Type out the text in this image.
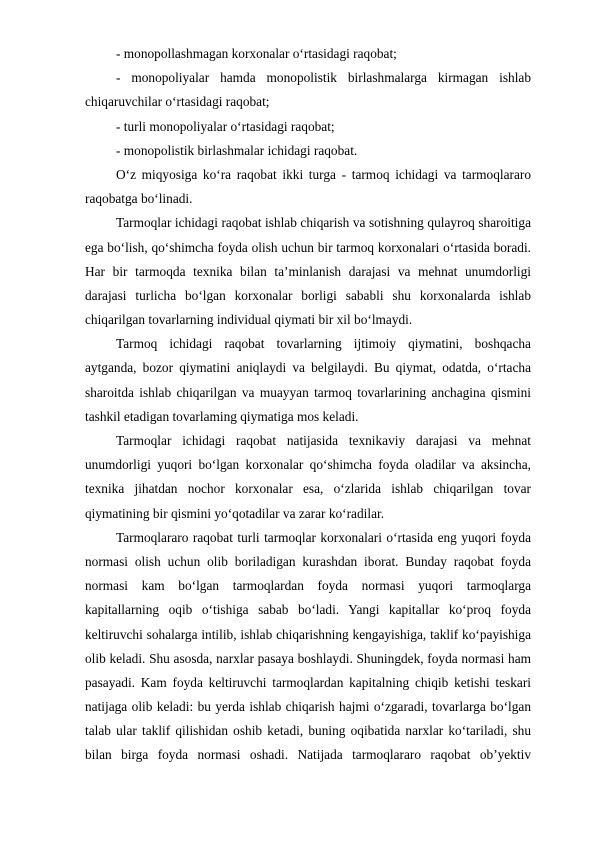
- monopollashmagan korxonalar o‘rtasidagi raqobat;
- monopoliyalar hamda monopolistik birlashmalarga kirmagan ishlab
chiqaruvchilar o‘rtasidagi raqobat;
- turli monopoliyalar o‘rtasidagi raqobat;
- monopolistik birlashmalar ichidagi raqobat.
O‘z miqyosiga ko‘ra raqobat ikki turga - tarmoq ichidagi va tarmoqlararo
raqobatga bo‘linadi.
Tarmoqlar ichidagi raqobat ishlab chiqarish va sotishning qulayroq sharoitiga
ega bo‘lish, qo‘shimcha foyda olish uchun bir tarmoq korxonalari o‘rtasida boradi.
Har bir tarmoqda texnika bilan ta’minlanish darajasi va mehnat unumdorligi
darajasi turlicha bo‘lgan korxonalar borligi sababli shu korxonalarda ishlab
chiqarilgan tovarlarning individual qiymati bir xil bo‘lmaydi.
Tarmoq ichidagi raqobat tovarlarning ijtimoiy qiymatini, boshqacha
aytganda, bozor qiymatini aniqlaydi va belgilaydi. Bu qiymat, odatda, o‘rtacha
sharoitda ishlab chiqarilgan va muayyan tarmoq tovarlarining anchagina qismini
tashkil etadigan tovarlaming qiymatiga mos keladi.
Tarmoqlar ichidagi raqobat natijasida texnikaviy darajasi va mehnat
unumdorligi yuqori bo‘lgan korxonalar qo‘shimcha foyda oladilar va aksincha,
texnika jihatdan nochor korxonalar esa, o‘zlarida ishlab chiqarilgan tovar
qiymatining bir qismini yo‘qotadilar va zarar ko‘radilar.
Tarmoqlararo raqobat turli tarmoqlar korxonalari o‘rtasida eng yuqori foyda
normasi olish uchun olib boriladigan kurashdan iborat. Bunday raqobat foyda
normasi kam bo‘lgan tarmoqlardan foyda normasi yuqori tarmoqlarga
kapitallarning oqib o‘tishiga sabab bo‘ladi. Yangi kapitallar ko‘proq foyda
keltiruvchi sohalarga intilib, ishlab chiqarishning kengayishiga, taklif ko‘payishiga
olib keladi. Shu asosda, narxlar pasaya boshlaydi. Shuningdek, foyda normasi ham
pasayadi. Kam foyda keltiruvchi tarmoqlardan kapitalning chiqib ketishi teskari
natijaga olib keladi: bu yerda ishlab chiqarish hajmi o‘zgaradi, tovarlarga bo‘lgan
talab ular taklif qilishidan oshib ketadi, buning oqibatida narxlar ko‘tariladi, shu
bilan birga foyda normasi oshadi. Natijada tarmoqlararo raqobat ob’yektiv
